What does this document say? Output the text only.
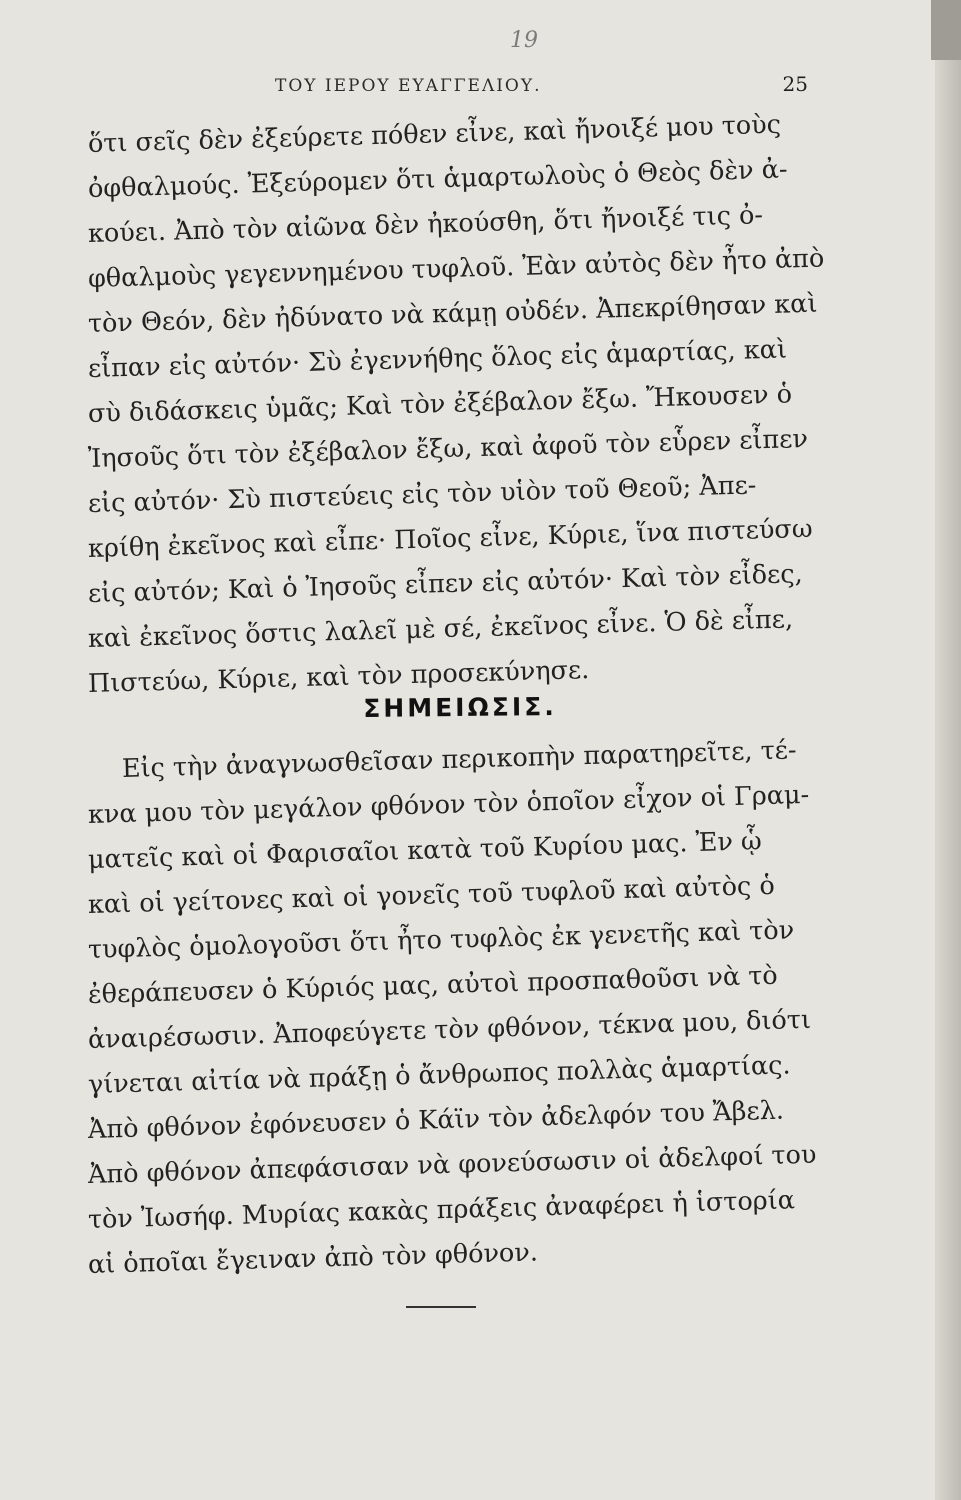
19
ΤΟΥ ΙΕΡΟΥ ΕΥΑΓΓΕΛΙΟΥ.	25
ὅτι σεῖς δὲν ἐξεύρετε πόθεν εἶνε, καὶ ἤνοιξέ μου τοὺς
ὀφθαλμούς. Ἐξεύρομεν ὅτι ἁμαρτωλοὺς ὁ Θεὸς δὲν ἀ-
κούει. Ἀπὸ τὸν αἰῶνα δὲν ἠκούσθη, ὅτι ἤνοιξέ τις ὀ-
φθαλμοὺς γεγεννημένου τυφλοῦ. Ἐὰν αὐτὸς δὲν ἦτο ἀπὸ
τὸν Θεόν, δὲν ἠδύνατο νὰ κάμῃ οὐδέν. Ἀπεκρίθησαν καὶ
εἶπαν εἰς αὐτόν· Σὺ ἐγεννήθης ὅλος εἰς ἁμαρτίας, καὶ
σὺ διδάσκεις ὑμᾶς; Καὶ τὸν ἐξέβαλον ἔξω. Ἤκουσεν ὁ
Ἰησοῦς ὅτι τὸν ἐξέβαλον ἔξω, καὶ ἀφοῦ τὸν εὗρεν εἶπεν
εἰς αὐτόν· Σὺ πιστεύεις εἰς τὸν υἱὸν τοῦ Θεοῦ; Ἀπε-
κρίθη ἐκεῖνος καὶ εἶπε· Ποῖος εἶνε, Κύριε, ἵνα πιστεύσω
εἰς αὐτόν; Καὶ ὁ Ἰησοῦς εἶπεν εἰς αὐτόν· Καὶ τὸν εἶδες,
καὶ ἐκεῖνος ὅστις λαλεῖ μὲ σέ, ἐκεῖνος εἶνε. Ὁ δὲ εἶπε,
Πιστεύω, Κύριε, καὶ τὸν προσεκύνησε.
ΣΗΜΕΙΩΣΙΣ.
Εἰς τὴν ἀναγνωσθεῖσαν περικοπὴν παρατηρεῖτε, τέ-
κνα μου τὸν μεγάλον φθόνον τὸν ὁποῖον εἶχον οἱ Γραμ-
ματεῖς καὶ οἱ Φαρισαῖοι κατὰ τοῦ Κυρίου μας. Ἐν ᾧ
καὶ οἱ γείτονες καὶ οἱ γονεῖς τοῦ τυφλοῦ καὶ αὐτὸς ὁ
τυφλὸς ὁμολογοῦσι ὅτι ἦτο τυφλὸς ἐκ γενετῆς καὶ τὸν
ἐθεράπευσεν ὁ Κύριός μας, αὐτοὶ προσπαθοῦσι νὰ τὸ
ἀναιρέσωσιν. Ἀποφεύγετε τὸν φθόνον, τέκνα μου, διότι
γίνεται αἰτία νὰ πράξῃ ὁ ἄνθρωπος πολλὰς ἁμαρτίας.
Ἀπὸ φθόνον ἐφόνευσεν ὁ Κάϊν τὸν ἀδελφόν του Ἄβελ.
Ἀπὸ φθόνον ἀπεφάσισαν νὰ φονεύσωσιν οἱ ἀδελφοί του
τὸν Ἰωσήφ. Μυρίας κακὰς πράξεις ἀναφέρει ἡ ἱστορία
αἱ ὁποῖαι ἔγειναν ἀπὸ τὸν φθόνον.
